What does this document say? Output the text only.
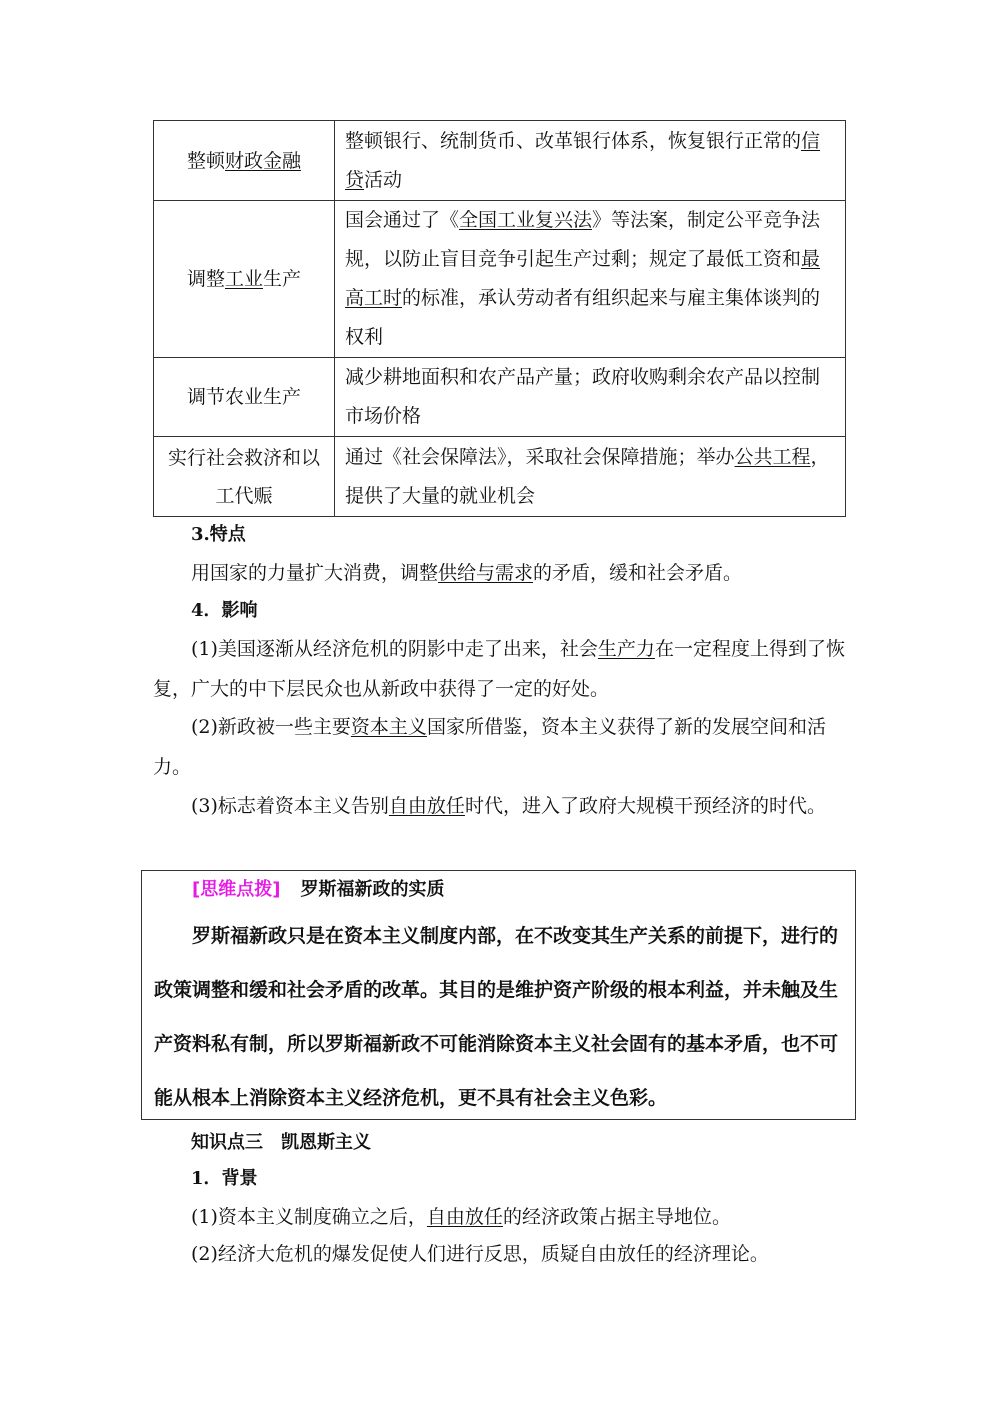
整顿财政金融	整顿银行、统制货币、改革银行体系，恢复银行正常的信贷活动
调整工业生产	国会通过了《全国工业复兴法》等法案，制定公平竞争法规，以防止盲目竞争引起生产过剩；规定了最低工资和最高工时的标准，承认劳动者有组织起来与雇主集体谈判的权利
调节农业生产	减少耕地面积和农产品产量；政府收购剩余农产品以控制市场价格
实行社会救济和以工代赈	通过《社会保障法》，采取社会保障措施；举办公共工程，提供了大量的就业机会

3.特点

用国家的力量扩大消费，调整供给与需求的矛盾，缓和社会矛盾。

4．影响

(1)美国逐渐从经济危机的阴影中走了出来，社会生产力在一定程度上得到了恢复，广大的中下层民众也从新政中获得了一定的好处。

(2)新政被一些主要资本主义国家所借鉴，资本主义获得了新的发展空间和活力。

(3)标志着资本主义告别自由放任时代，进入了政府大规模干预经济的时代。

[思维点拨] 罗斯福新政的实质

罗斯福新政只是在资本主义制度内部，在不改变其生产关系的前提下，进行的政策调整和缓和社会矛盾的改革。其目的是维护资产阶级的根本利益，并未触及生产资料私有制，所以罗斯福新政不可能消除资本主义社会固有的基本矛盾，也不可能从根本上消除资本主义经济危机，更不具有社会主义色彩。

知识点三　凯恩斯主义

1．背景

(1)资本主义制度确立之后，自由放任的经济政策占据主导地位。

(2)经济大危机的爆发促使人们进行反思，质疑自由放任的经济理论。
